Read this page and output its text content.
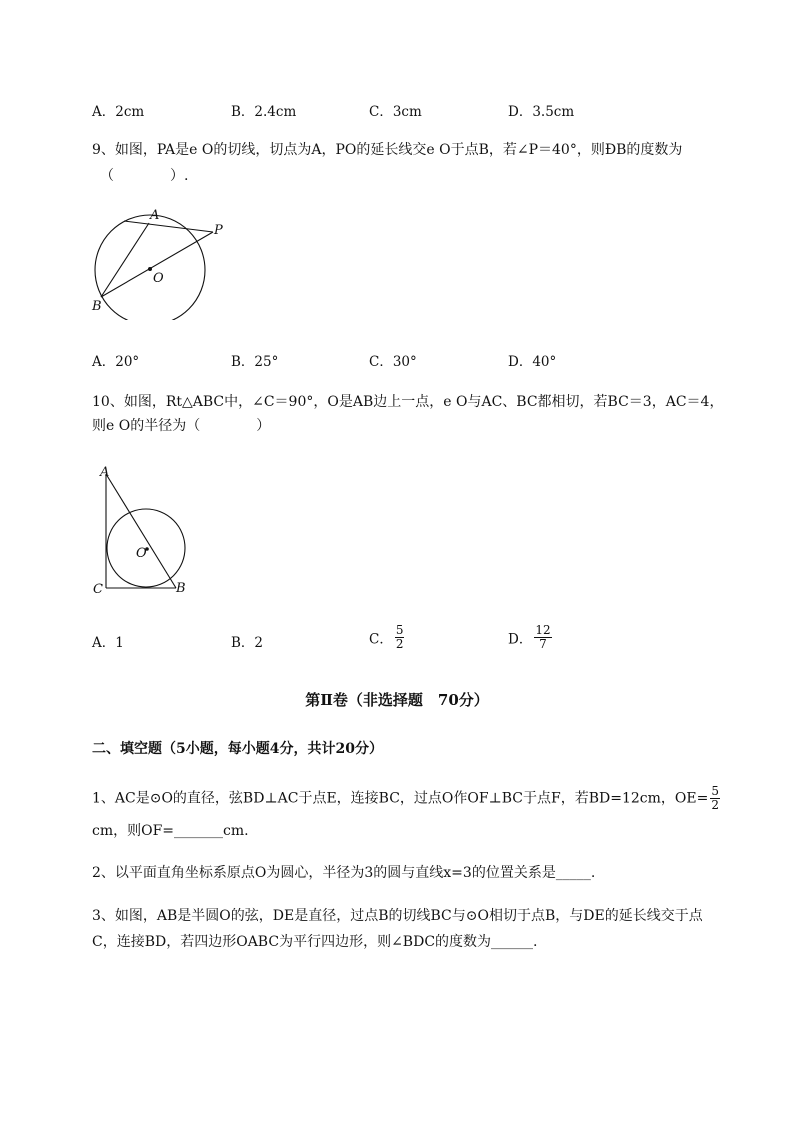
A．2cm	B．2.4cm	C．3cm	D．3.5cm
9、如图，PA是e O的切线，切点为A，PO的延长线交e O于点B，若∠P＝40°，则ÐB的度数为
（　　　　）.
A
P
O
B
A．20°	B．25°	C．30°	D．40°
10、如图，Rt△ABC中，∠C＝90°，O是AB边上一点，e O与AC、BC都相切，若BC＝3，AC＝4，
则e O的半径为（　　　　）
A
O
C	B
A．1	B．2	C． $\frac{5}{2}$	D． $\frac{12}{7}$
第Ⅱ卷（非选择题　70分）
二、填空题（5小题，每小题4分，共计20分）
1、AC是⊙O的直径，弦BD⊥AC于点E，连接BC，过点O作OF⊥BC于点F，若BD=12cm，$OE= \frac{5}{2}$
cm，则OF=_______cm.
2、以平面直角坐标系原点O为圆心，半径为3的圆与直线x=3的位置关系是_____.
3、如图，AB是半圆O的弦，DE是直径，过点B的切线BC与⊙O相切于点B，与DE的延长线交于点
C，连接BD，若四边形OABC为平行四边形，则∠BDC的度数为______.
